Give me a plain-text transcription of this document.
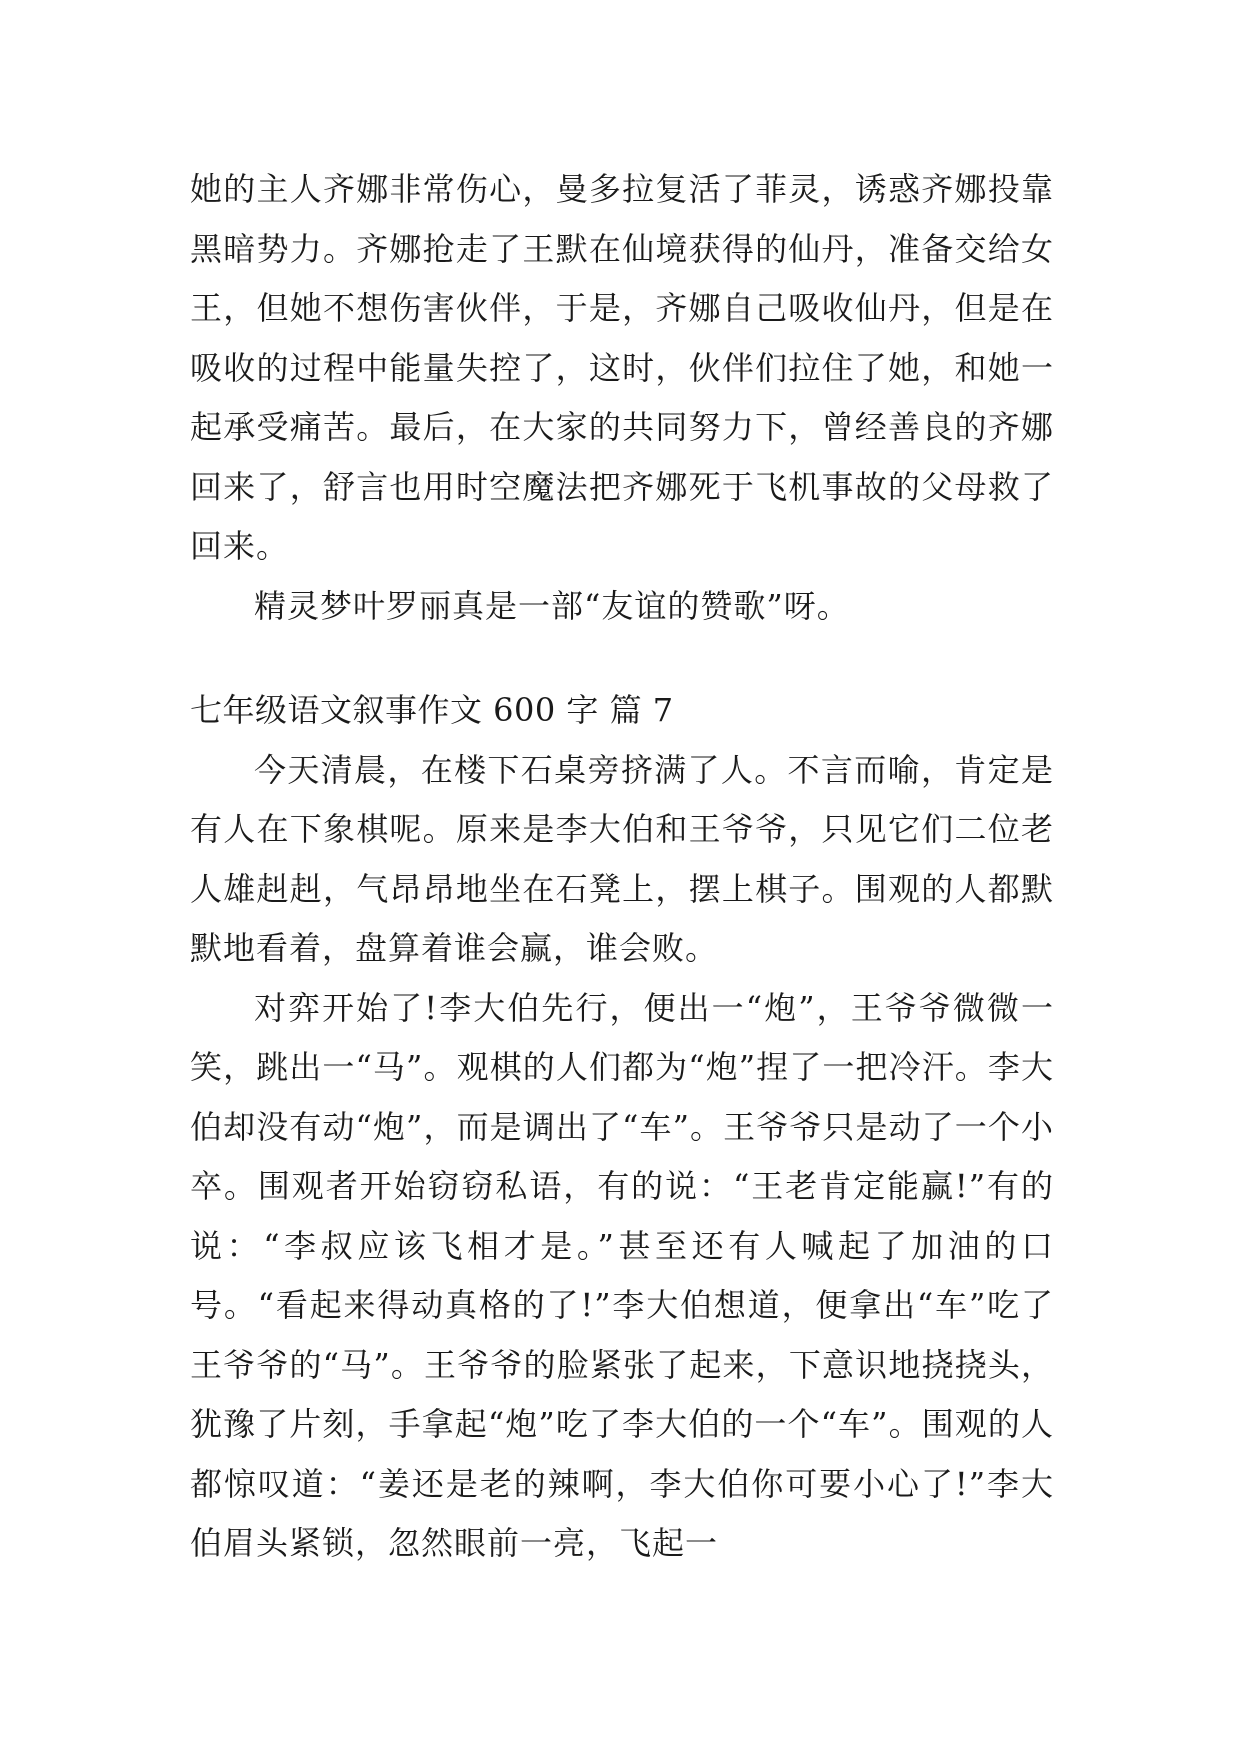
她的主人齐娜非常伤心，曼多拉复活了菲灵，诱惑齐娜投靠黑暗势力。齐娜抢走了王默在仙境获得的仙丹，准备交给女王，但她不想伤害伙伴，于是，齐娜自己吸收仙丹，但是在吸收的过程中能量失控了，这时，伙伴们拉住了她，和她一起承受痛苦。最后，在大家的共同努力下，曾经善良的齐娜回来了，舒言也用时空魔法把齐娜死于飞机事故的父母救了回来。

精灵梦叶罗丽真是一部“友谊的赞歌”呀。

七年级语文叙事作文 600 字 篇 7

今天清晨，在楼下石桌旁挤满了人。不言而喻，肯定是有人在下象棋呢。原来是李大伯和王爷爷，只见它们二位老人雄赳赳，气昂昂地坐在石凳上，摆上棋子。围观的人都默默地看着，盘算着谁会赢，谁会败。

对弈开始了!李大伯先行，便出一“炮”，王爷爷微微一笑，跳出一“马”。观棋的人们都为“炮”捏了一把冷汗。李大伯却没有动“炮”，而是调出了“车”。王爷爷只是动了一个小卒。围观者开始窃窃私语，有的说：“王老肯定能赢!”有的说：“李叔应该飞相才是。”甚至还有人喊起了加油的口号。“看起来得动真格的了!”李大伯想道，便拿出“车”吃了王爷爷的“马”。王爷爷的脸紧张了起来，下意识地挠挠头，犹豫了片刻，手拿起“炮”吃了李大伯的一个“车”。围观的人都惊叹道：“姜还是老的辣啊，李大伯你可要小心了!”李大伯眉头紧锁，忽然眼前一亮，飞起一
